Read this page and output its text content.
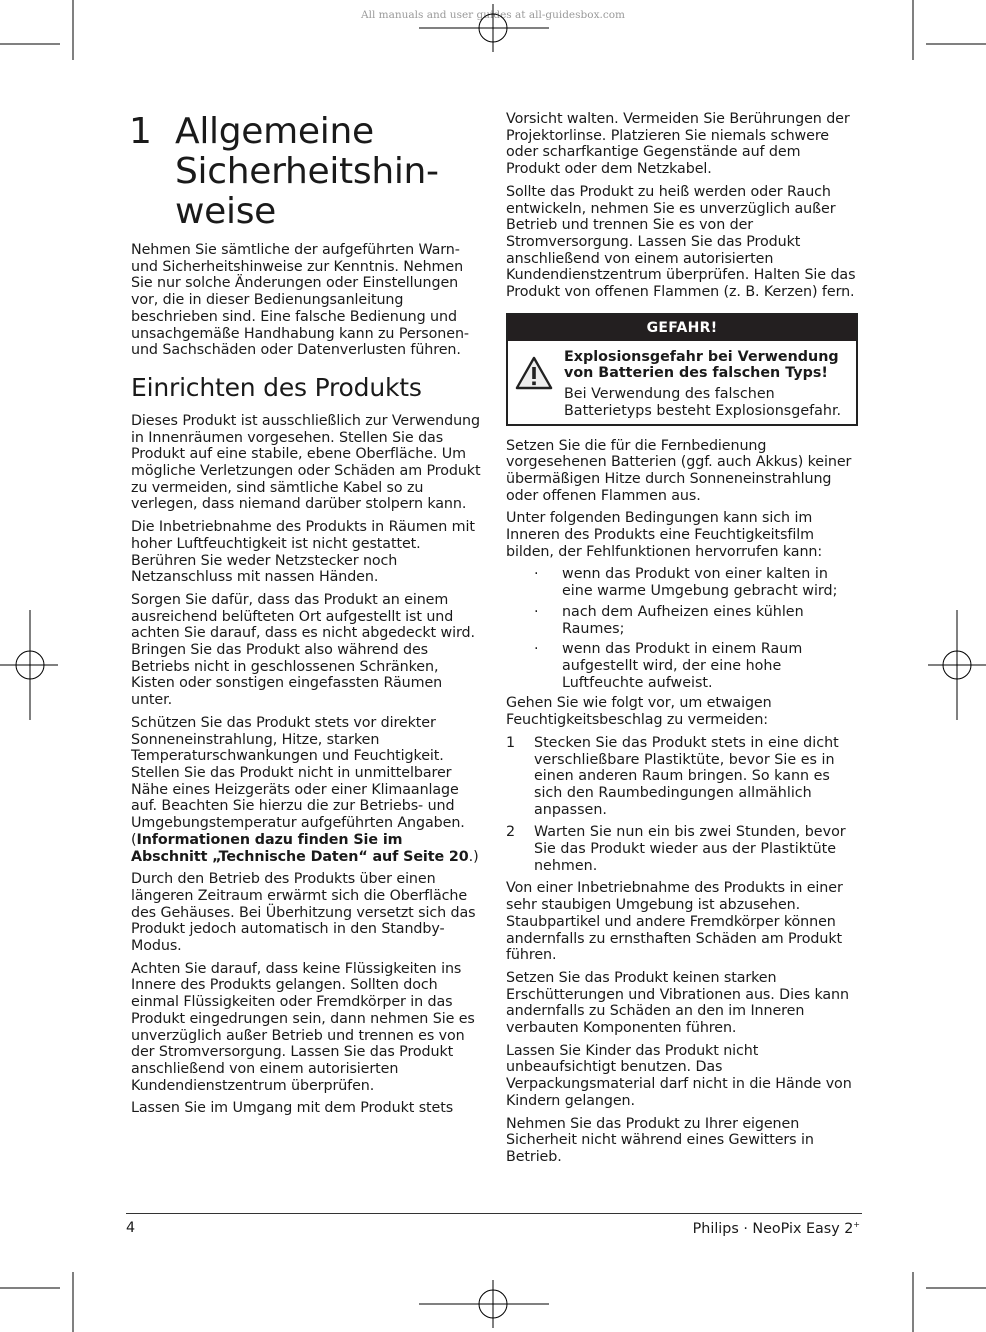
All manuals and user guides at all-guidesbox.com
1 Allgemeine Sicherheitshin-weise

Nehmen Sie sämtliche der aufgeführten Warn- und Sicherheitshinweise zur Kenntnis. Nehmen Sie nur solche Änderungen oder Einstellungen vor, die in dieser Bedienungsanleitung beschrieben sind. Eine falsche Bedienung und unsachgemäße Handhabung kann zu Personen- und Sachschäden oder Datenverlusten führen.

Einrichten des Produkts

Dieses Produkt ist ausschließlich zur Verwendung in Innenräumen vorgesehen. Stellen Sie das Produkt auf eine stabile, ebene Oberfläche. Um mögliche Verletzungen oder Schäden am Produkt zu vermeiden, sind sämtliche Kabel so zu verlegen, dass niemand darüber stolpern kann.

Die Inbetriebnahme des Produkts in Räumen mit hoher Luftfeuchtigkeit ist nicht gestattet. Berühren Sie weder Netzstecker noch Netzanschluss mit nassen Händen.

Sorgen Sie dafür, dass das Produkt an einem ausreichend belüfteten Ort aufgestellt ist und achten Sie darauf, dass es nicht abgedeckt wird. Bringen Sie das Produkt also während des Betriebs nicht in geschlossenen Schränken, Kisten oder sonstigen eingefassten Räumen unter.

Schützen Sie das Produkt stets vor direkter Sonneneinstrahlung, Hitze, starken Temperaturschwankungen und Feuchtigkeit. Stellen Sie das Produkt nicht in unmittelbarer Nähe eines Heizgeräts oder einer Klimaanlage auf. Beachten Sie hierzu die zur Betriebs- und Umgebungstemperatur aufgeführten Angaben. (Informationen dazu finden Sie im Abschnitt „Technische Daten“ auf Seite 20.)

Durch den Betrieb des Produkts über einen längeren Zeitraum erwärmt sich die Oberfläche des Gehäuses. Bei Überhitzung versetzt sich das Produkt jedoch automatisch in den Standby-Modus.

Achten Sie darauf, dass keine Flüssigkeiten ins Innere des Produkts gelangen. Sollten doch einmal Flüssigkeiten oder Fremdkörper in das Produkt eingedrungen sein, dann nehmen Sie es unverzüglich außer Betrieb und trennen es von der Stromversorgung. Lassen Sie das Produkt anschließend von einem autorisierten Kundendienstzentrum überprüfen.

Lassen Sie im Umgang mit dem Produkt stets

Vorsicht walten. Vermeiden Sie Berührungen der Projektorlinse. Platzieren Sie niemals schwere oder scharfkantige Gegenstände auf dem Produkt oder dem Netzkabel.

Sollte das Produkt zu heiß werden oder Rauch entwickeln, nehmen Sie es unverzüglich außer Betrieb und trennen Sie es von der Stromversorgung. Lassen Sie das Produkt anschließend von einem autorisierten Kundendienstzentrum überprüfen. Halten Sie das Produkt von offenen Flammen (z. B. Kerzen) fern.

GEFAHR!
Explosionsgefahr bei Verwendung von Batterien des falschen Typs!
Bei Verwendung des falschen Batterietyps besteht Explosionsgefahr.

Setzen Sie die für die Fernbedienung vorgesehenen Batterien (ggf. auch Akkus) keiner übermäßigen Hitze durch Sonneneinstrahlung oder offenen Flammen aus.

Unter folgenden Bedingungen kann sich im Inneren des Produkts eine Feuchtigkeitsfilm bilden, der Fehlfunktionen hervorrufen kann:

· wenn das Produkt von einer kalten in eine warme Umgebung gebracht wird;
· nach dem Aufheizen eines kühlen Raumes;
· wenn das Produkt in einem Raum aufgestellt wird, der eine hohe Luftfeuchte aufweist.

Gehen Sie wie folgt vor, um etwaigen Feuchtigkeitsbeschlag zu vermeiden:

1 Stecken Sie das Produkt stets in eine dicht verschließbare Plastiktüte, bevor Sie es in einen anderen Raum bringen. So kann es sich den Raumbedingungen allmählich anpassen.
2 Warten Sie nun ein bis zwei Stunden, bevor Sie das Produkt wieder aus der Plastiktüte nehmen.

Von einer Inbetriebnahme des Produkts in einer sehr staubigen Umgebung ist abzusehen. Staubpartikel und andere Fremdkörper können andernfalls zu ernsthaften Schäden am Produkt führen.

Setzen Sie das Produkt keinen starken Erschütterungen und Vibrationen aus. Dies kann andernfalls zu Schäden an den im Inneren verbauten Komponenten führen.

Lassen Sie Kinder das Produkt nicht unbeaufsichtigt benutzen. Das Verpackungsmaterial darf nicht in die Hände von Kindern gelangen.

Nehmen Sie das Produkt zu Ihrer eigenen Sicherheit nicht während eines Gewitters in Betrieb.

4	Philips · NeoPix Easy 2+
